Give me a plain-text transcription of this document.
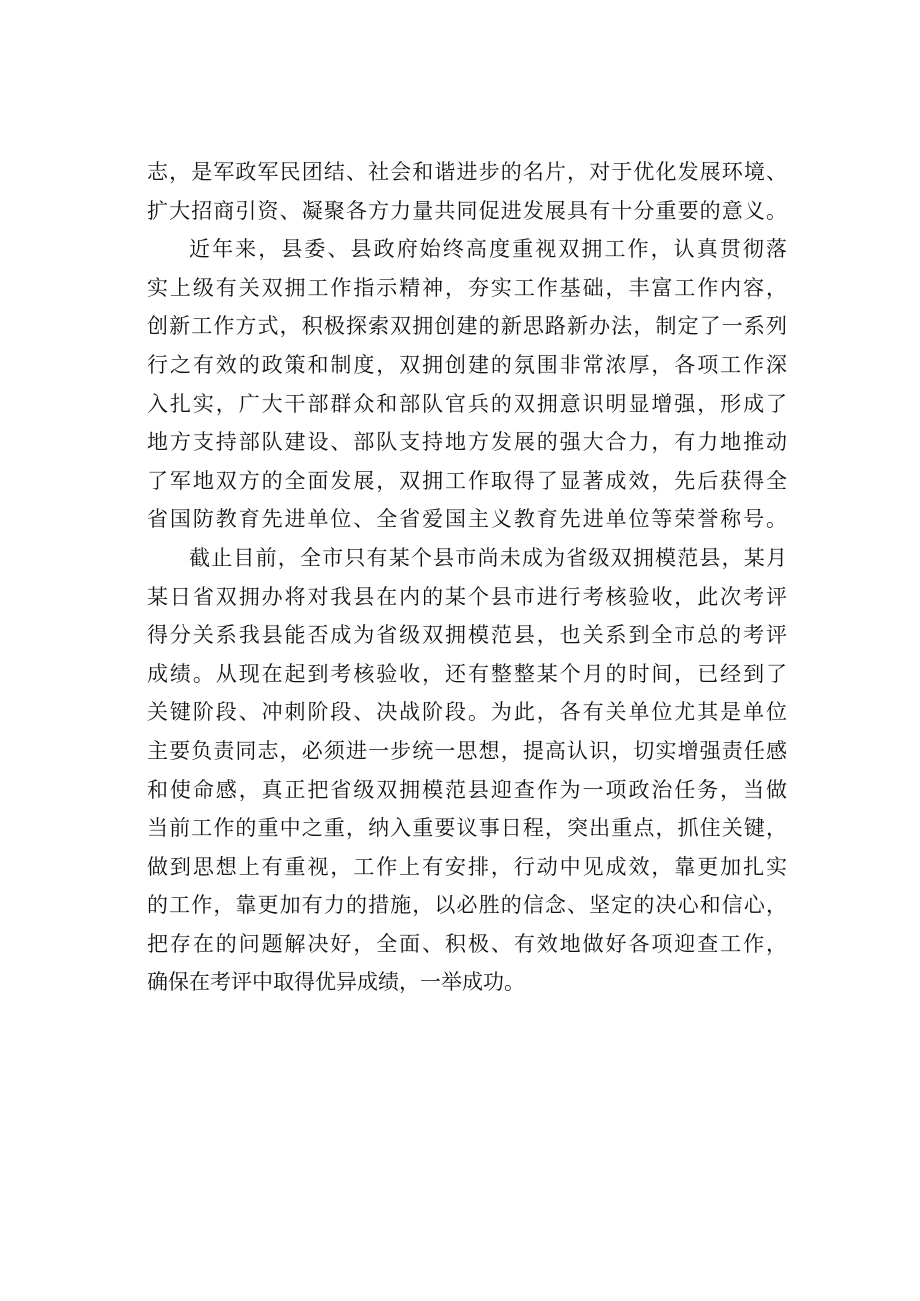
志，是军政军民团结、社会和谐进步的名片，对于优化发展环境、
扩大招商引资、凝聚各方力量共同促进发展具有十分重要的意义。
近年来，县委、县政府始终高度重视双拥工作，认真贯彻落
实上级有关双拥工作指示精神，夯实工作基础，丰富工作内容，
创新工作方式，积极探索双拥创建的新思路新办法，制定了一系列
行之有效的政策和制度，双拥创建的氛围非常浓厚，各项工作深
入扎实，广大干部群众和部队官兵的双拥意识明显增强，形成了
地方支持部队建设、部队支持地方发展的强大合力，有力地推动
了军地双方的全面发展，双拥工作取得了显著成效，先后获得全
省国防教育先进单位、全省爱国主义教育先进单位等荣誉称号。
截止目前，全市只有某个县市尚未成为省级双拥模范县，某月
某日省双拥办将对我县在内的某个县市进行考核验收，此次考评
得分关系我县能否成为省级双拥模范县，也关系到全市总的考评
成绩。从现在起到考核验收，还有整整某个月的时间，已经到了
关键阶段、冲刺阶段、决战阶段。为此，各有关单位尤其是单位
主要负责同志，必须进一步统一思想，提高认识，切实增强责任感
和使命感，真正把省级双拥模范县迎查作为一项政治任务，当做
当前工作的重中之重，纳入重要议事日程，突出重点，抓住关键，
做到思想上有重视，工作上有安排，行动中见成效，靠更加扎实
的工作，靠更加有力的措施，以必胜的信念、坚定的决心和信心，
把存在的问题解决好，全面、积极、有效地做好各项迎查工作，
确保在考评中取得优异成绩，一举成功。
